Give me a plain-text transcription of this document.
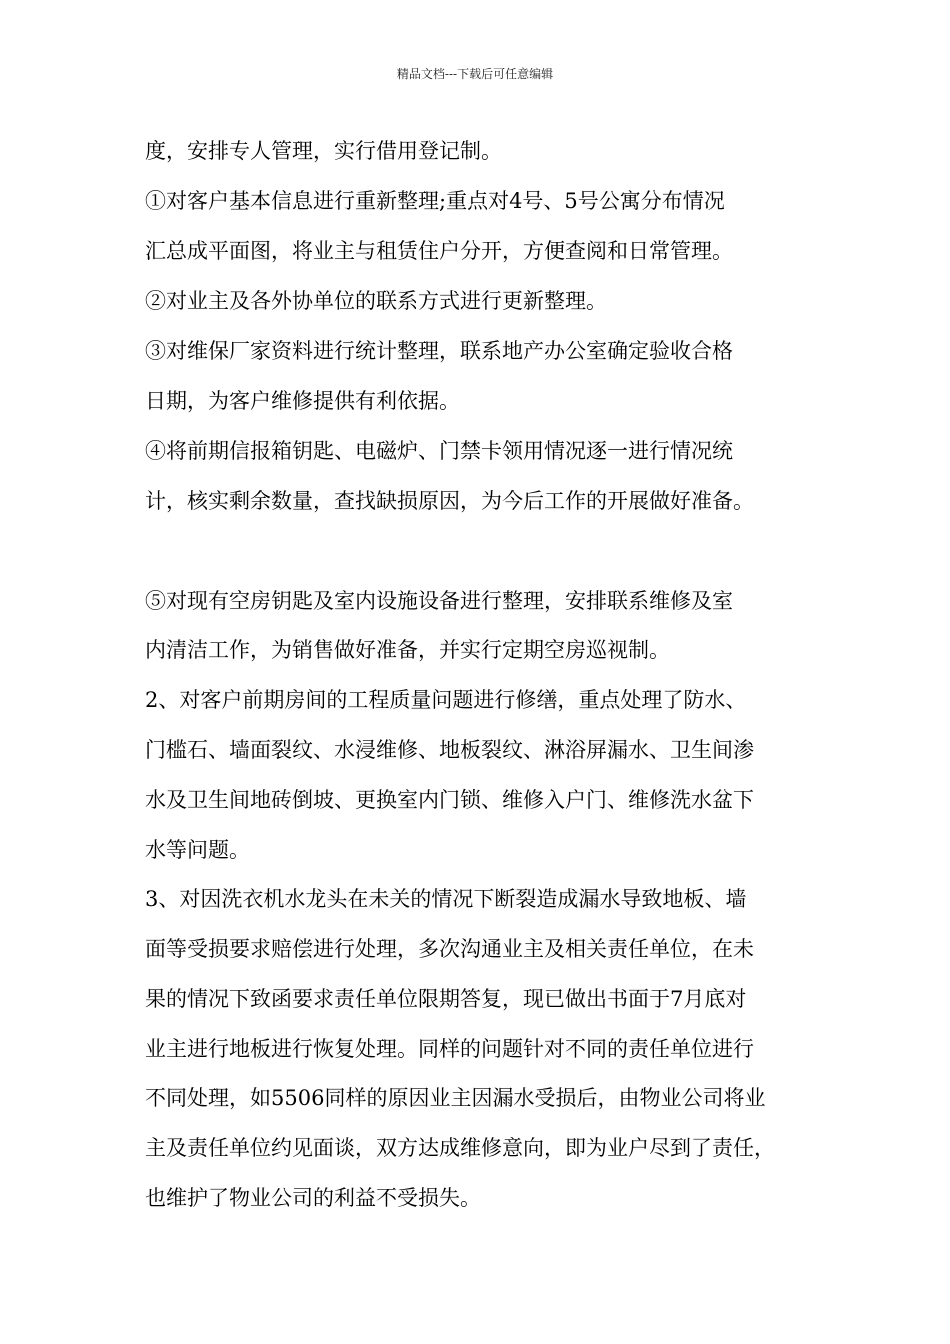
精品文档---下载后可任意编辑
度，安排专人管理，实行借用登记制。
①对客户基本信息进行重新整理;重点对4号、5号公寓分布情况
汇总成平面图，将业主与租赁住户分开，方便查阅和日常管理。
②对业主及各外协单位的联系方式进行更新整理。
③对维保厂家资料进行统计整理，联系地产办公室确定验收合格
日期，为客户维修提供有利依据。
④将前期信报箱钥匙、电磁炉、门禁卡领用情况逐一进行情况统
计，核实剩余数量，查找缺损原因，为今后工作的开展做好准备。
⑤对现有空房钥匙及室内设施设备进行整理，安排联系维修及室
内清洁工作，为销售做好准备，并实行定期空房巡视制。
2、对客户前期房间的工程质量问题进行修缮，重点处理了防水、
门槛石、墙面裂纹、水浸维修、地板裂纹、淋浴屏漏水、卫生间渗
水及卫生间地砖倒坡、更换室内门锁、维修入户门、维修洗水盆下
水等问题。
3、对因洗衣机水龙头在未关的情况下断裂造成漏水导致地板、墙
面等受损要求赔偿进行处理，多次沟通业主及相关责任单位，在未
果的情况下致函要求责任单位限期答复，现已做出书面于7月底对
业主进行地板进行恢复处理。同样的问题针对不同的责任单位进行
不同处理，如5506同样的原因业主因漏水受损后，由物业公司将业
主及责任单位约见面谈，双方达成维修意向，即为业户尽到了责任，
也维护了物业公司的利益不受损失。
